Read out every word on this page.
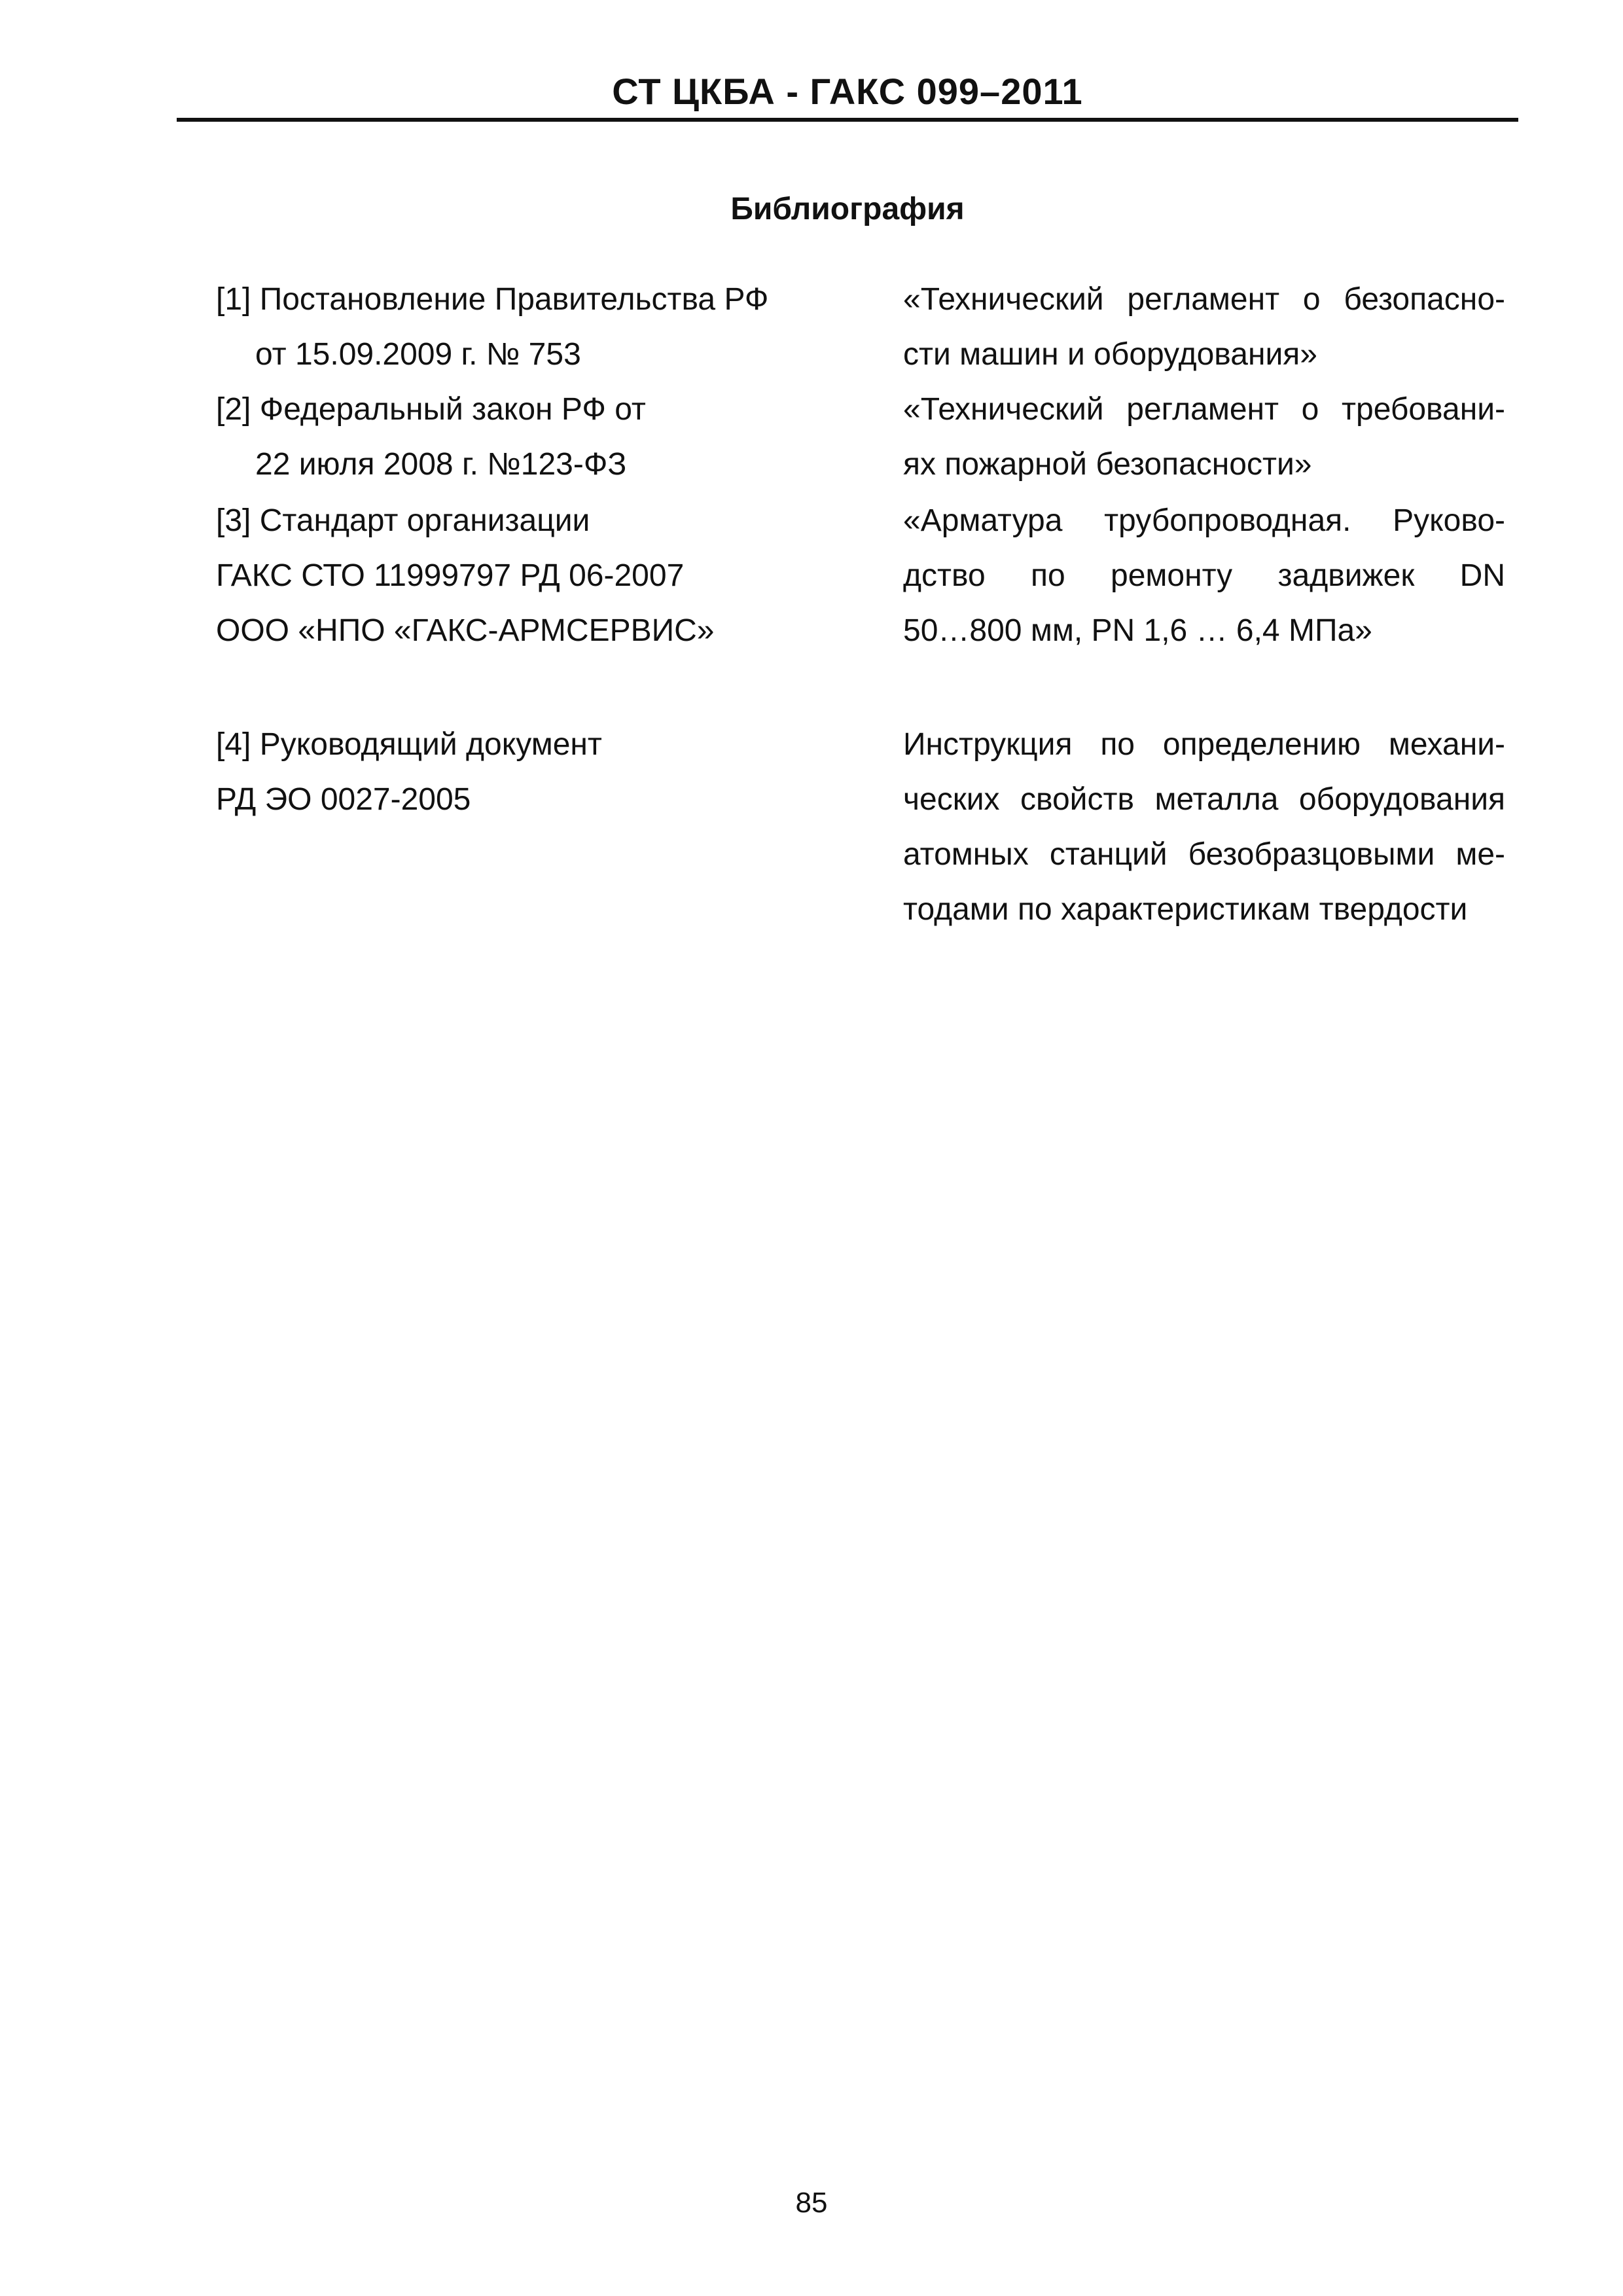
СТ ЦКБА - ГАКС 099–2011
Библиография
[1] Постановление Правительства РФ
от 15.09.2009 г. № 753
«Технический регламент о безопасно-
сти машин и оборудования»
[2] Федеральный закон РФ от
22 июля 2008 г. №123-ФЗ
«Технический регламент о требовани-
ях пожарной безопасности»
[3] Стандарт организации
ГАКС СТО 11999797 РД 06-2007
ООО «НПО «ГАКС-АРМСЕРВИС»
«Арматура трубопроводная. Руково-
дство по ремонту задвижек DN
50…800 мм, PN 1,6 … 6,4 МПа»
[4] Руководящий документ
РД ЭО 0027-2005
Инструкция по определению механи-
ческих свойств металла оборудования
атомных станций безобразцовыми ме-
тодами по характеристикам твердости
85
